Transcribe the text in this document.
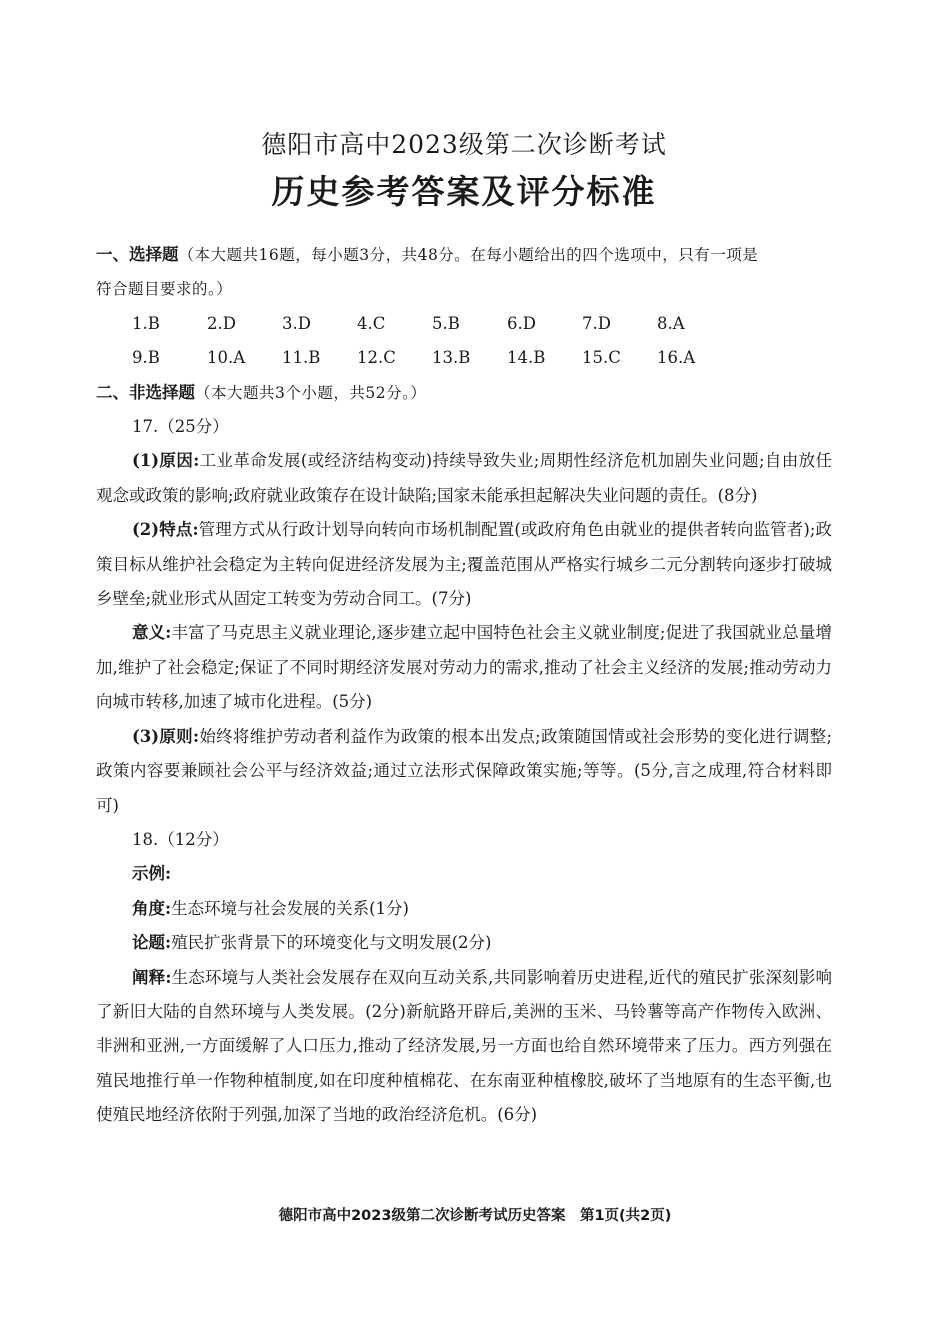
德阳市高中2023级第二次诊断考试
历史参考答案及评分标准
一、选择题（本大题共16题，每小题3分，共48分。在每小题给出的四个选项中，只有一项是
符合题目要求的。）
1.B	2.D	3.D	4.C	5.B	6.D	7.D	8.A
9.B	10.A	11.B	12.C	13.B	14.B	15.C	16.A
二、非选择题（本大题共3个小题，共52分。）
17.（25分）

(1)原因:工业革命发展(或经济结构变动)持续导致失业;周期性经济危机加剧失业问题;自由放任观念或政策的影响;政府就业政策存在设计缺陷;国家未能承担起解决失业问题的责任。(8分)

(2)特点:管理方式从行政计划导向转向市场机制配置(或政府角色由就业的提供者转向监管者);政策目标从维护社会稳定为主转向促进经济发展为主;覆盖范围从严格实行城乡二元分割转向逐步打破城乡壁垒;就业形式从固定工转变为劳动合同工。(7分)

意义:丰富了马克思主义就业理论,逐步建立起中国特色社会主义就业制度;促进了我国就业总量增加,维护了社会稳定;保证了不同时期经济发展对劳动力的需求,推动了社会主义经济的发展;推动劳动力向城市转移,加速了城市化进程。(5分)

(3)原则:始终将维护劳动者利益作为政策的根本出发点;政策随国情或社会形势的变化进行调整;政策内容要兼顾社会公平与经济效益;通过立法形式保障政策实施;等等。(5分,言之成理,符合材料即可)

18.（12分）
示例:
角度:生态环境与社会发展的关系(1分)
论题:殖民扩张背景下的环境变化与文明发展(2分)

阐释:生态环境与人类社会发展存在双向互动关系,共同影响着历史进程,近代的殖民扩张深刻影响了新旧大陆的自然环境与人类发展。(2分)新航路开辟后,美洲的玉米、马铃薯等高产作物传入欧洲、非洲和亚洲,一方面缓解了人口压力,推动了经济发展,另一方面也给自然环境带来了压力。西方列强在殖民地推行单一作物种植制度,如在印度种植棉花、在东南亚种植橡胶,破坏了当地原有的生态平衡,也使殖民地经济依附于列强,加深了当地的政治经济危机。(6分)

德阳市高中2023级第二次诊断考试历史答案　第1页(共2页)
